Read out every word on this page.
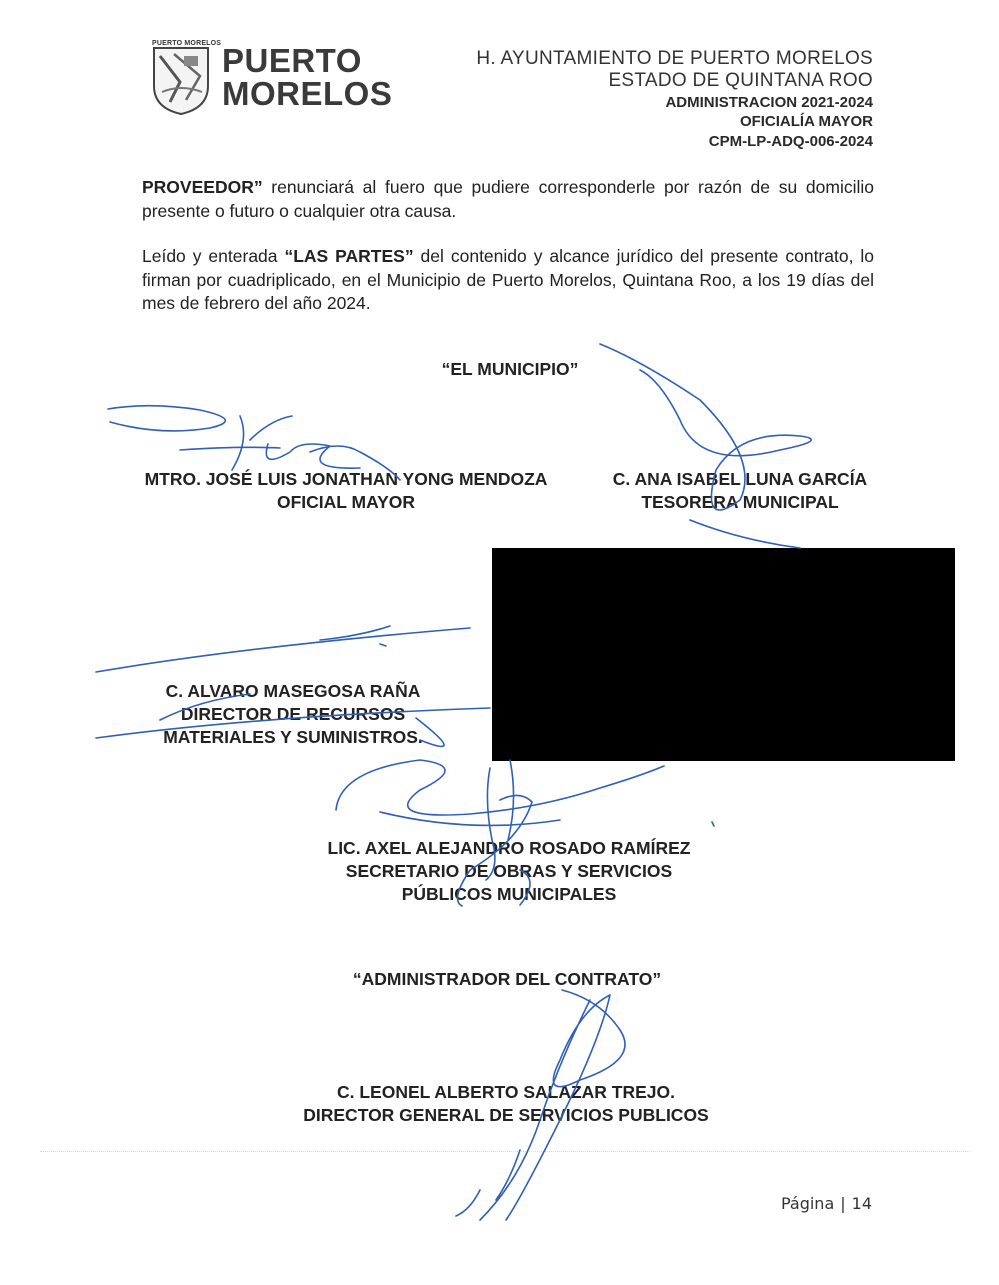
PUERTO MORELOS PUERTO
MORELOS
H. AYUNTAMIENTO DE PUERTO MORELOS
ESTADO DE QUINTANA ROO
ADMINISTRACION 2021-2024
OFICIALÍA MAYOR
CPM-LP-ADQ-006-2024
PROVEEDOR” renunciará al fuero que pudiere corresponderle por razón de su domicilio presente o futuro o cualquier otra causa.
Leído y enterada “LAS PARTES” del contenido y alcance jurídico del presente contrato, lo firman por cuadriplicado, en el Municipio de Puerto Morelos, Quintana Roo, a los 19 días del mes de febrero del año 2024.
“EL MUNICIPIO”
MTRO. JOSÉ LUIS JONATHAN YONG MENDOZA
OFICIAL MAYOR
C. ANA ISABEL LUNA GARCÍA
TESORERA MUNICIPAL
C. ALVARO MASEGOSA RAÑA
DIRECTOR DE RECURSOS
MATERIALES Y SUMINISTROS.
LIC. AXEL ALEJANDRO ROSADO RAMÍREZ
SECRETARIO DE OBRAS Y SERVICIOS
PÚBLICOS MUNICIPALES
“ADMINISTRADOR DEL CONTRATO”
C. LEONEL ALBERTO SALAZAR TREJO.
DIRECTOR GENERAL DE SERVICIOS PUBLICOS
Página | 14
